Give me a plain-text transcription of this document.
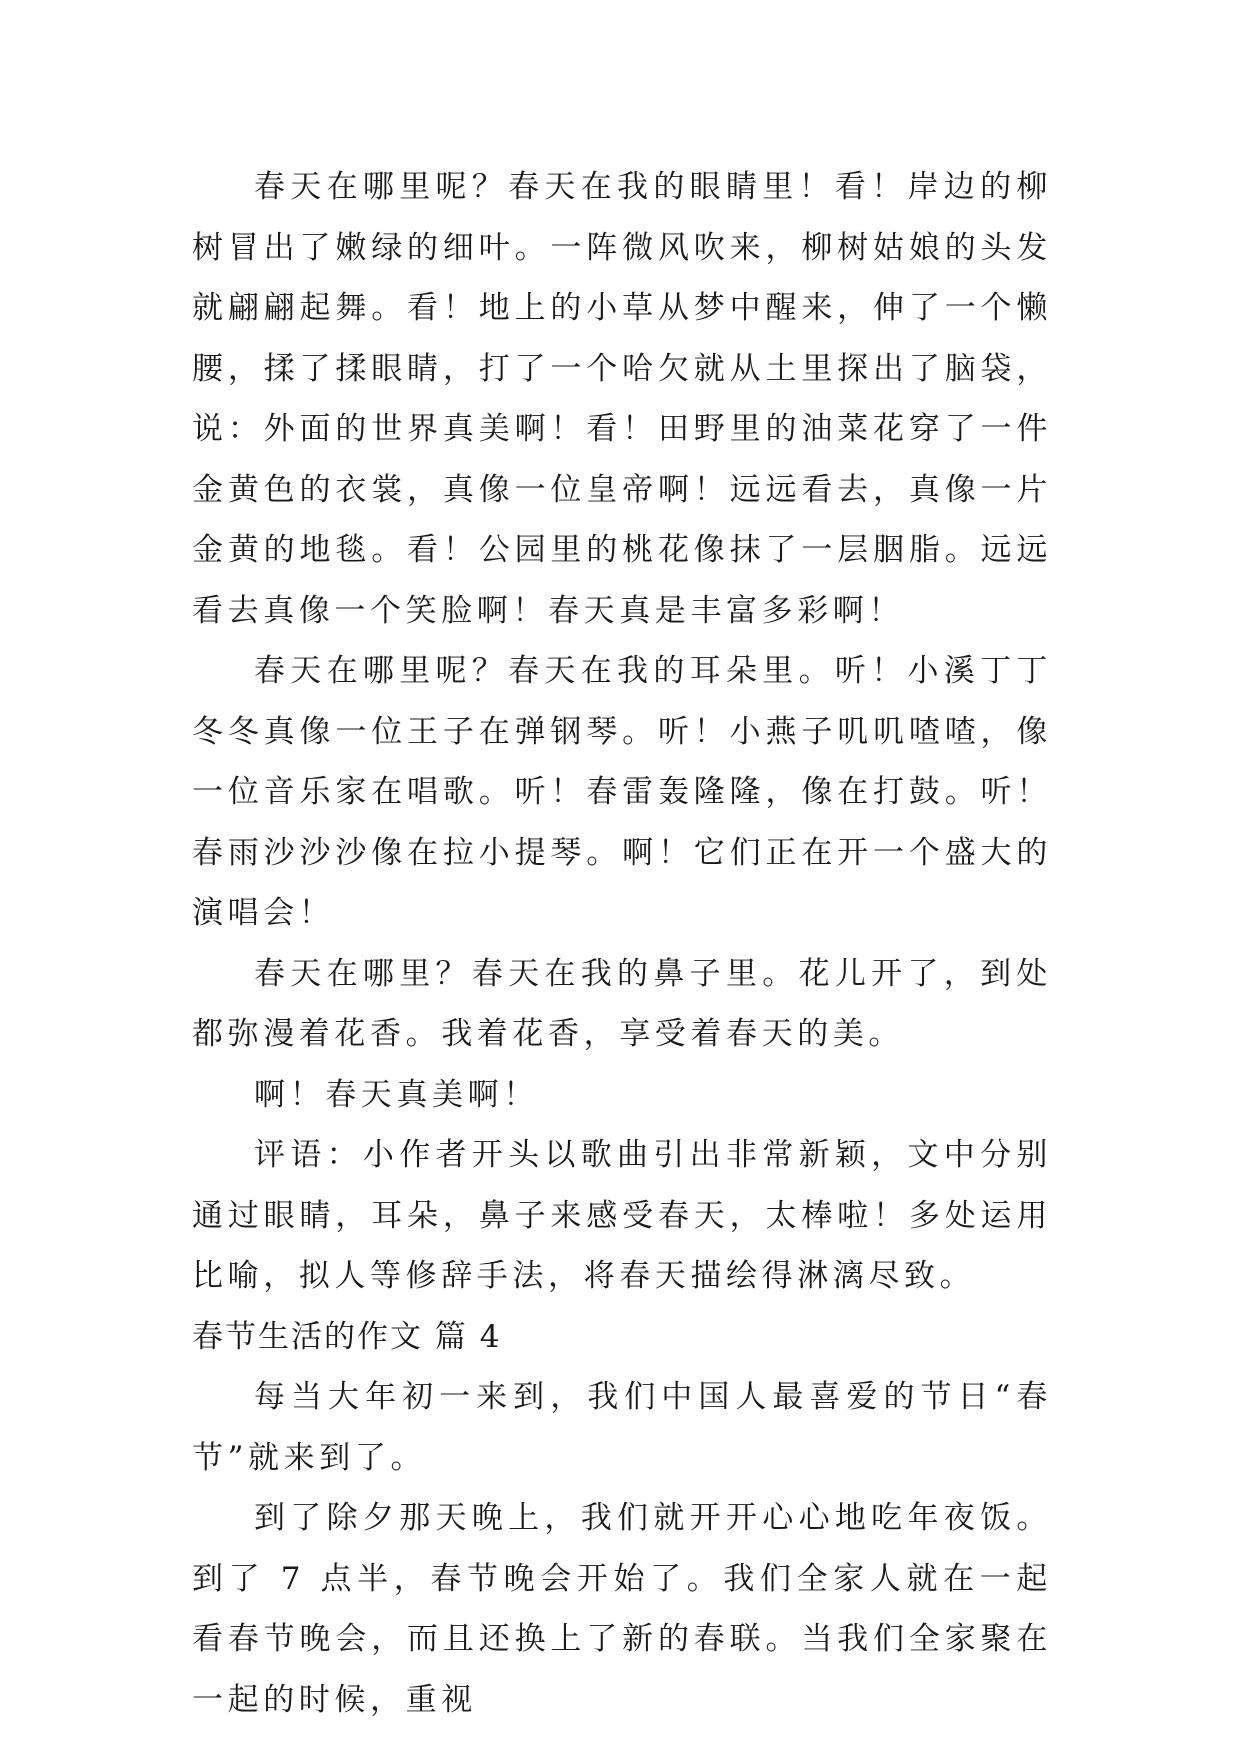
春天在哪里呢？春天在我的眼睛里！看！岸边的柳树冒出了嫩绿的细叶。一阵微风吹来，柳树姑娘的头发就翩翩起舞。看！地上的小草从梦中醒来，伸了一个懒腰，揉了揉眼睛，打了一个哈欠就从土里探出了脑袋，说：外面的世界真美啊！看！田野里的油菜花穿了一件金黄色的衣裳，真像一位皇帝啊！远远看去，真像一片金黄的地毯。看！公园里的桃花像抹了一层胭脂。远远看去真像一个笑脸啊！春天真是丰富多彩啊！

春天在哪里呢？春天在我的耳朵里。听！小溪丁丁冬冬真像一位王子在弹钢琴。听！小燕子叽叽喳喳，像一位音乐家在唱歌。听！春雷轰隆隆，像在打鼓。听！春雨沙沙沙像在拉小提琴。啊！它们正在开一个盛大的演唱会！

春天在哪里？春天在我的鼻子里。花儿开了，到处都弥漫着花香。我着花香，享受着春天的美。

啊！春天真美啊！

评语：小作者开头以歌曲引出非常新颖，文中分别通过眼睛，耳朵，鼻子来感受春天，太棒啦！多处运用比喻，拟人等修辞手法，将春天描绘得淋漓尽致。

春节生活的作文 篇 4

每当大年初一来到，我们中国人最喜爱的节日“春节”就来到了。

到了除夕那天晚上，我们就开开心心地吃年夜饭。到了 7 点半，春节晚会开始了。我们全家人就在一起看春节晚会，而且还换上了新的春联。当我们全家聚在一起的时候，重视
